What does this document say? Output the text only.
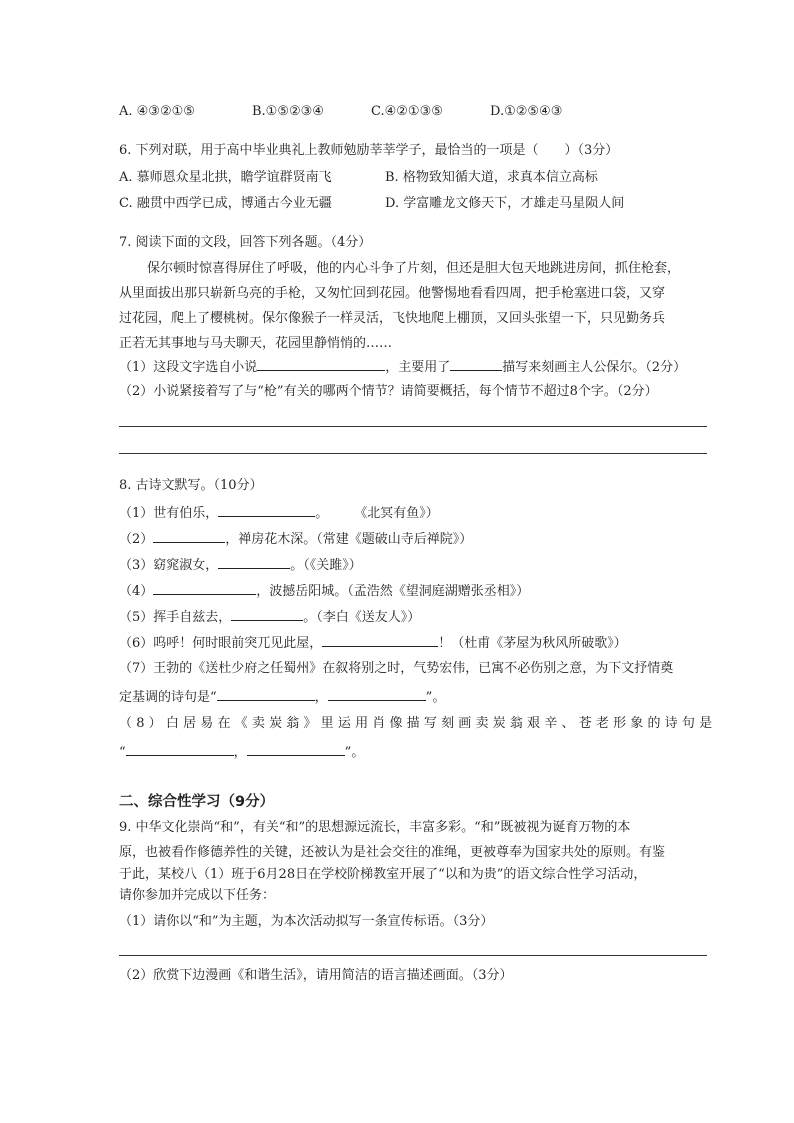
A. ④③②①⑤	B.①⑤②③④	C.④②①③⑤	D.①②⑤④③
6. 下列对联，用于高中毕业典礼上教师勉励莘莘学子，最恰当的一项是（　　）（3分）
A. 慕师恩众星北拱，瞻学谊群贤南飞	B. 格物致知循大道，求真本信立高标
C. 融贯中西学已成，博通古今业无疆	D. 学富雕龙文修天下，才雄走马星陨人间
7. 阅读下面的文段，回答下列各题。（4分）
保尔顿时惊喜得屏住了呼吸，他的内心斗争了片刻，但还是胆大包天地跳进房间，抓住枪套，
从里面拔出那只崭新乌亮的手枪，又匆忙回到花园。他警惕地看看四周，把手枪塞进口袋，又穿
过花园，爬上了樱桃树。保尔像猴子一样灵活，飞快地爬上棚顶，又回头张望一下，只见勤务兵
正若无其事地与马夫聊天，花园里静悄悄的……
（1）这段文字选自小说	，主要用了	描写来刻画主人公保尔。（2分）
（2）小说紧接着写了与“枪”有关的哪两个情节？请简要概括，每个情节不超过8个字。（2分）
8. 古诗文默写。（10分）
（1）世有伯乐，	。　　　《北冥有鱼》）
（2）	，禅房花木深。（常建《题破山寺后禅院》）
（3）窈窕淑女，	。（《关雎》）
（4）	，波撼岳阳城。（孟浩然《望洞庭湖赠张丞相》）
（5）挥手自兹去，	。（李白《送友人》）
（6）呜呼！何时眼前突兀见此屋，	！（杜甫《茅屋为秋风所破歌》）
（7）王勃的《送杜少府之任蜀州》在叙将别之时，气势宏伟，已寓不必伤别之意，为下文抒情奠
定基调的诗句是“	，	”。
（8）白居易在《卖炭翁》里运用肖像描写刻画卖炭翁艰辛、苍老形象的诗句是
“	，	”。
二、综合性学习（9分）
9. 中华文化崇尚“和”，有关“和”的思想源远流长，丰富多彩。“和”既被视为诞育万物的本
原，也被看作修德养性的关键，还被认为是社会交往的准绳，更被尊奉为国家共处的原则。有鉴
于此，某校八（1）班于6月28日在学校阶梯教室开展了“以和为贵”的语文综合性学习活动，
请你参加并完成以下任务：
（1）请你以“和”为主题，为本次活动拟写一条宣传标语。（3分）
（2）欣赏下边漫画《和谐生活》，请用简洁的语言描述画面。（3分）
